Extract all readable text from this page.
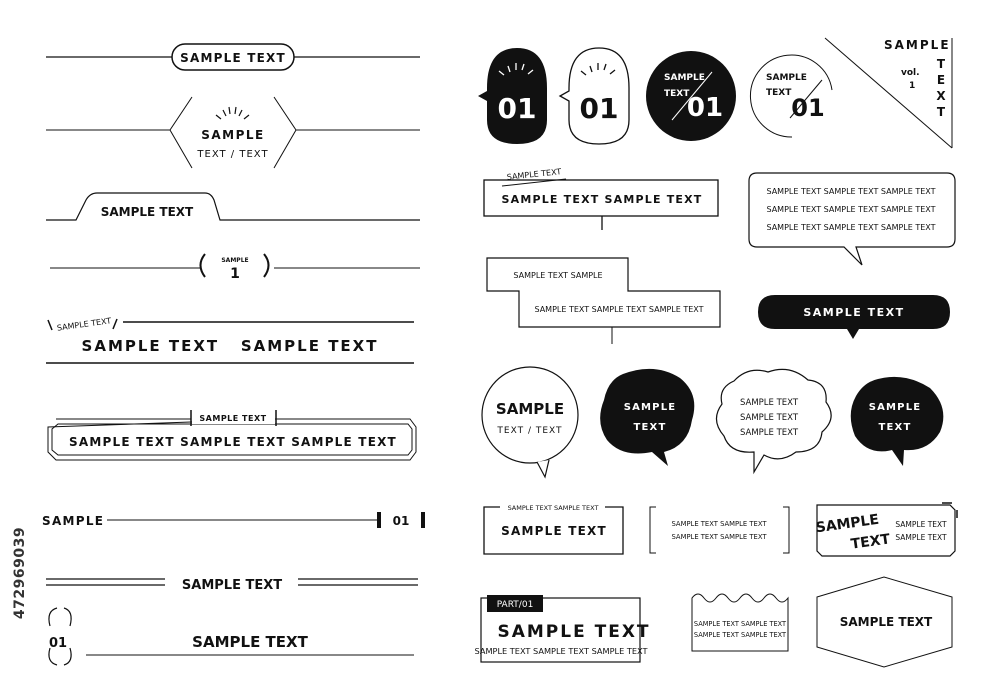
472969039
SAMPLE TEXT
SAMPLE
TEXT / TEXT
SAMPLE TEXT
SAMPLE
1
SAMPLE TEXT
SAMPLE TEXT   SAMPLE TEXT
SAMPLE TEXT
SAMPLE TEXT SAMPLE TEXT SAMPLE TEXT
SAMPLE	01
SAMPLE TEXT
01	SAMPLE TEXT
01 01
SAMPLE
TEXT
01
SAMPLE
TEXT
01
SAMPLE
vol.
1
T
E
X
T
SAMPLE TEXT
SAMPLE TEXT SAMPLE TEXT
SAMPLE TEXT SAMPLE TEXT SAMPLE TEXT
SAMPLE TEXT SAMPLE TEXT SAMPLE TEXT
SAMPLE TEXT SAMPLE TEXT SAMPLE TEXT
SAMPLE TEXT SAMPLE
SAMPLE TEXT SAMPLE TEXT SAMPLE TEXT	SAMPLE TEXT
SAMPLE
TEXT / TEXT
SAMPLE
TEXT
SAMPLE TEXT
SAMPLE TEXT
SAMPLE TEXT
SAMPLE
TEXT
SAMPLE TEXT SAMPLE TEXT
SAMPLE TEXT	SAMPLE TEXT SAMPLE TEXT
SAMPLE TEXT SAMPLE TEXT
SAMPLE
TEXT
SAMPLE TEXT
SAMPLE TEXT
PART/01
SAMPLE TEXT
SAMPLE TEXT SAMPLE TEXT SAMPLE TEXT
SAMPLE TEXT SAMPLE TEXT
SAMPLE TEXT SAMPLE TEXT
SAMPLE TEXT
